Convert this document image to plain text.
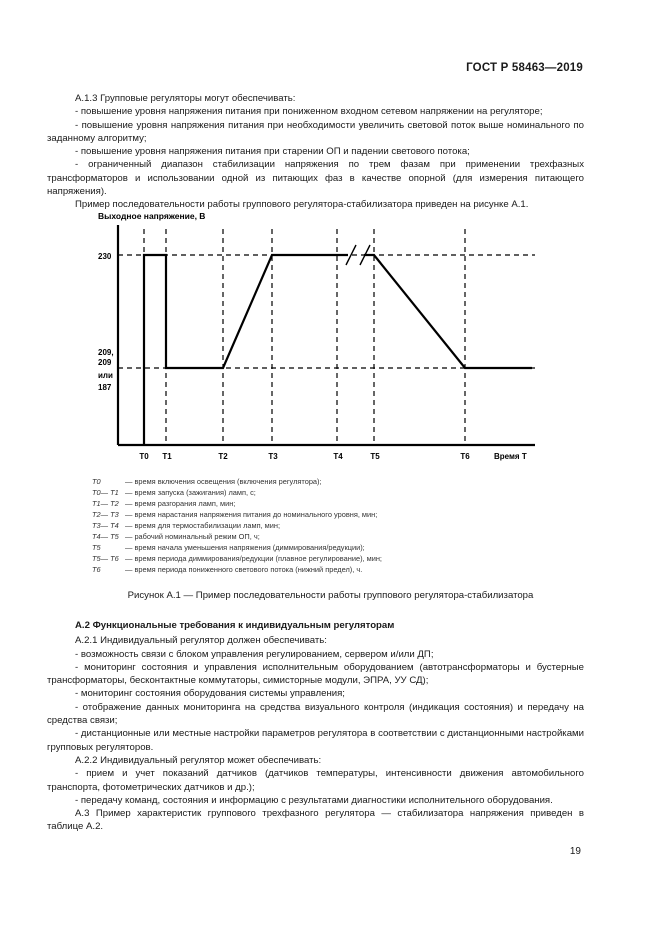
ГОСТ Р 58463—2019

А.1.3 Групповые регуляторы могут обеспечивать:

- повышение уровня напряжения питания при пониженном входном сетевом напряжении на регуляторе;

- повышение уровня напряжения питания при необходимости увеличить световой поток выше номинального по заданному алгоритму;

- повышение уровня напряжения питания при старении ОП и падении светового потока;

- ограниченный диапазон стабилизации напряжения по трем фазам при применении трехфазных трансформаторов и использовании одной из питающих фаз в качестве опорной (для измерения питающего напряжения).

Пример последовательности работы группового регулятора-стабилизатора приведен на рисунке А.1.

Выходное напряжение, В
230
209,
209
или
187
Т0 Т1	Т2	Т3	Т4	Т5	Т6	Время Т
Т0	— время включения освещения (включения регулятора);
Т0— Т1 — время запуска (зажигания) ламп, с;
Т1— Т2 — время разгорания ламп, мин;
Т2— Т3 — время нарастания напряжения питания до номинального уровня, мин;
Т3— Т4 — время для термостабилизации ламп, мин;
Т4— Т5 — рабочий номинальный режим ОП, ч;
Т5	— время начала уменьшения напряжения (диммирования/редукции);
Т5— Т6 — время периода диммирования/редукции (плавное регулирование), мин;
Т6	— время периода пониженного светового потока (нижний предел), ч.
Рисунок А.1 — Пример последовательности работы группового регулятора-стабилизатора

А.2 Функциональные требования к индивидуальным регуляторам

А.2.1 Индивидуальный регулятор должен обеспечивать:

- возможность связи с блоком управления регулированием, сервером и/или ДП;

- мониторинг состояния и управления исполнительным оборудованием (автотрансформаторы и бустерные трансформаторы, бесконтактные коммутаторы, симисторные модули, ЭПРА, УУ СД);

- мониторинг состояния оборудования системы управления;

- отображение данных мониторинга на средства визуального контроля (индикация состояния) и передачу на средства связи;

- дистанционные или местные настройки параметров регулятора в соответствии с дистанционными настройками групповых регуляторов.

А.2.2 Индивидуальный регулятор может обеспечивать:

- прием и учет показаний датчиков (датчиков температуры, интенсивности движения автомобильного транспорта, фотометрических датчиков и др.);

- передачу команд, состояния и информацию с результатами диагностики исполнительного оборудования.

А.3 Пример характеристик группового трехфазного регулятора — стабилизатора напряжения приведен в таблице А.2.

19
